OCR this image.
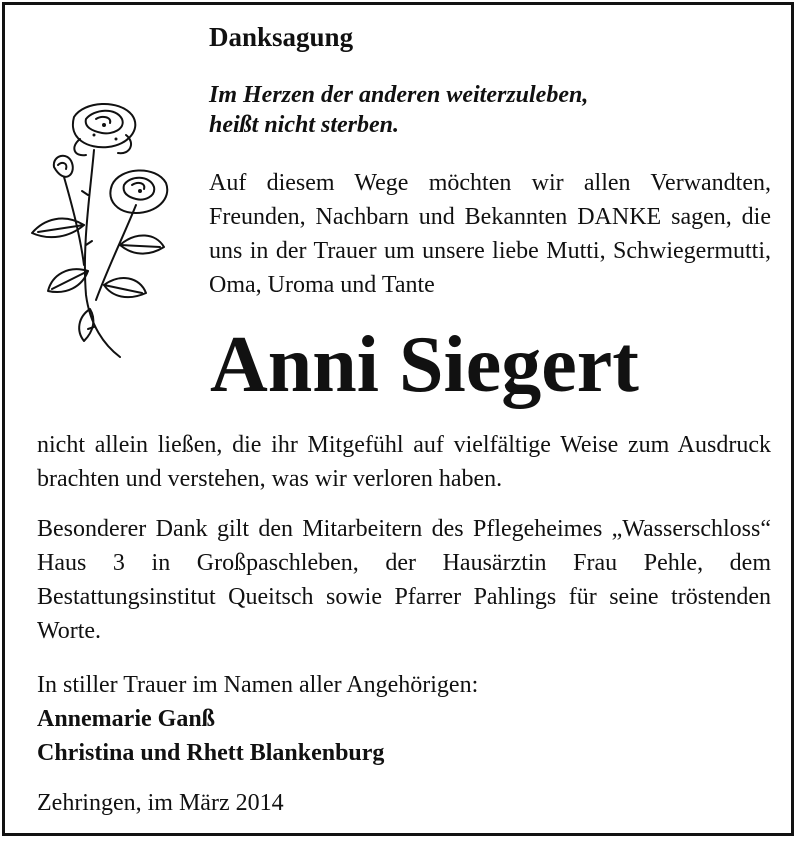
Danksagung
Im Herzen der anderen weiterzuleben,
heißt nicht sterben.
Auf diesem Wege möchten wir allen Verwandten, Freunden, Nachbarn und Bekannten DANKE sagen, die uns in der Trauer um unsere liebe Mutti, Schwiegermutti, Oma, Uroma und Tante
Anni Siegert
nicht allein ließen, die ihr Mitgefühl auf vielfältige Weise zum Ausdruck brachten und verstehen, was wir verloren haben.
Besonderer Dank gilt den Mitarbeitern des Pflegeheimes „Wasserschloss“ Haus 3 in Großpaschleben, der Hausärztin Frau Pehle, dem Bestattungsinstitut Queitsch sowie Pfarrer Pahlings für seine tröstenden Worte.
In stiller Trauer im Namen aller Angehörigen:
Annemarie Ganß
Christina und Rhett Blankenburg
Zehringen, im März 2014
